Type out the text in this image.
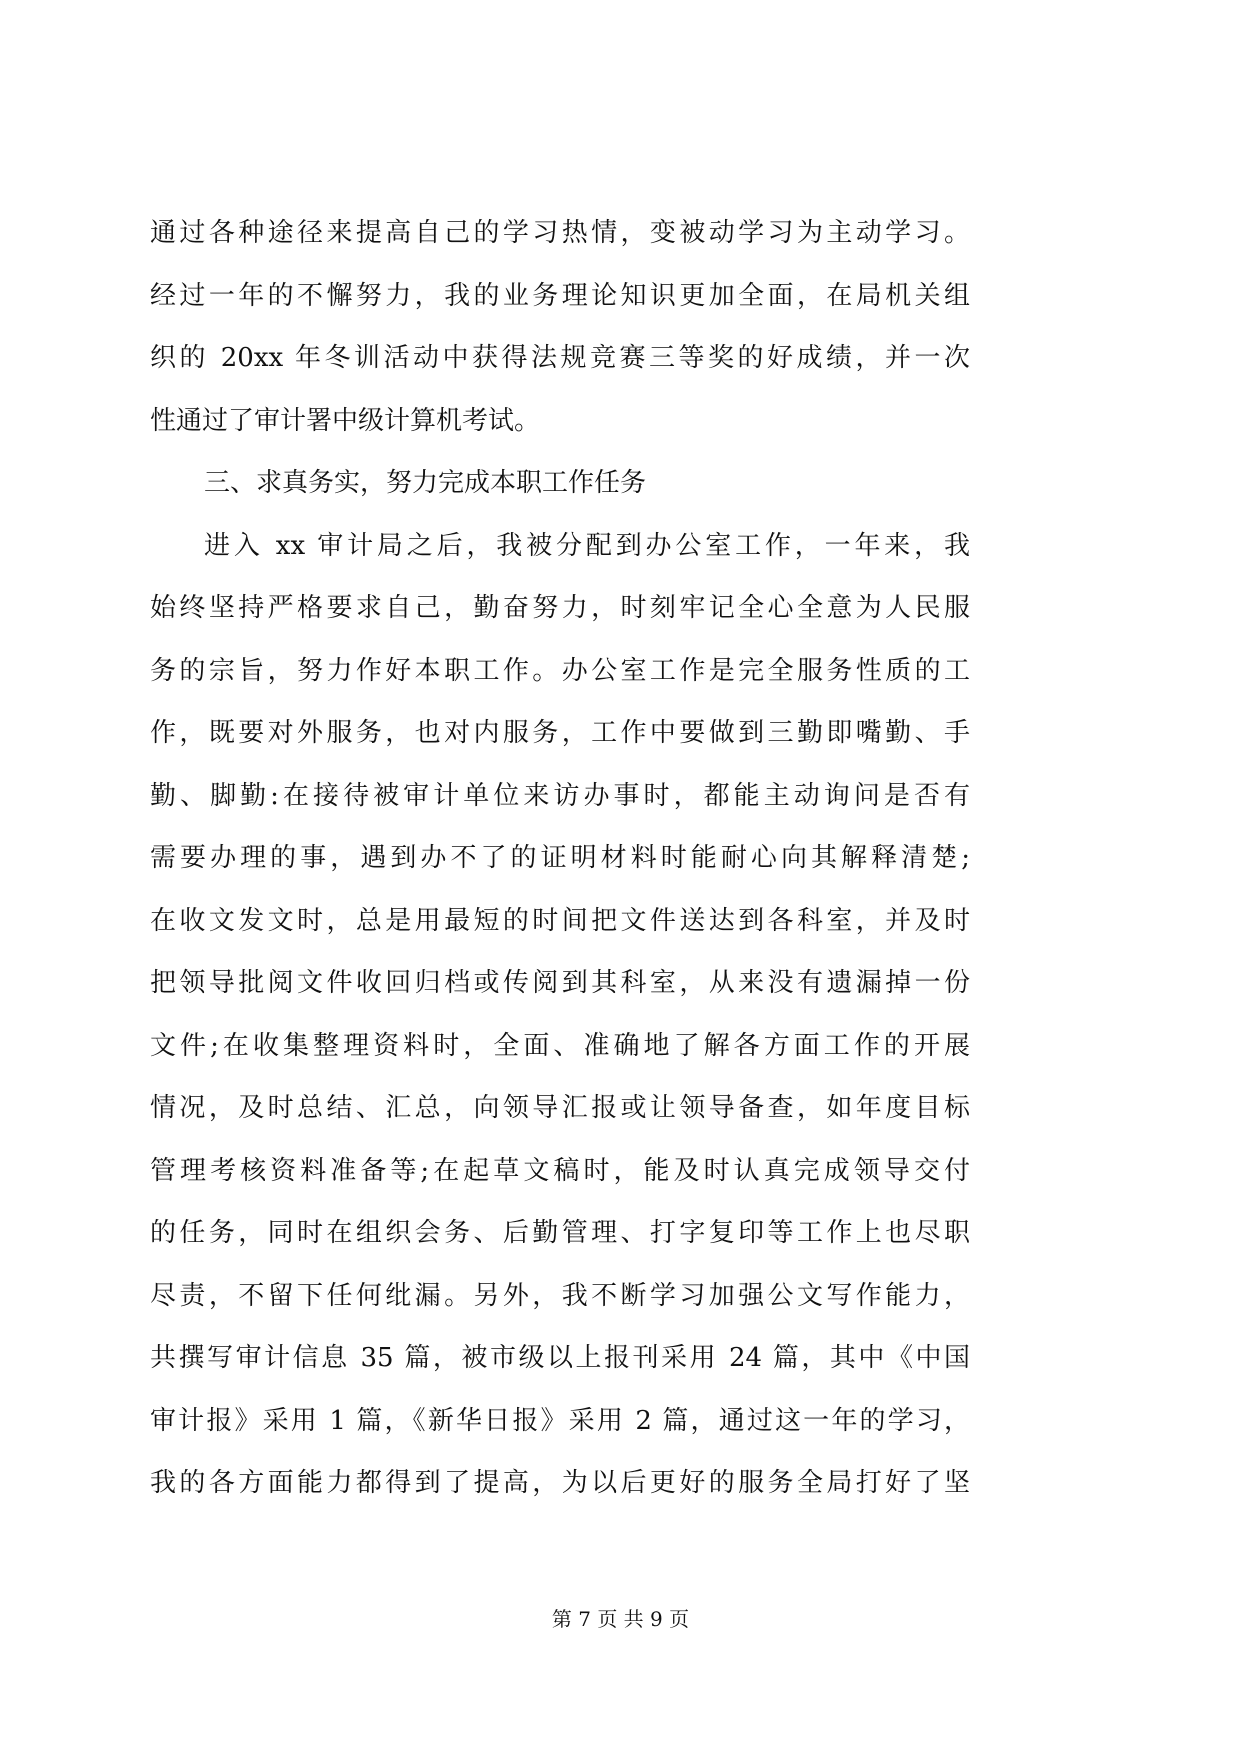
通过各种途径来提高自己的学习热情，变被动学习为主动学习。
经过一年的不懈努力，我的业务理论知识更加全面，在局机关组
织的 20xx 年冬训活动中获得法规竞赛三等奖的好成绩，并一次
性通过了审计署中级计算机考试。
三、求真务实，努力完成本职工作任务
进入 xx 审计局之后，我被分配到办公室工作，一年来，我
始终坚持严格要求自己，勤奋努力，时刻牢记全心全意为人民服
务的宗旨，努力作好本职工作。办公室工作是完全服务性质的工
作，既要对外服务，也对内服务，工作中要做到三勤即嘴勤、手
勤、脚勤:在接待被审计单位来访办事时，都能主动询问是否有
需要办理的事，遇到办不了的证明材料时能耐心向其解释清楚;
在收文发文时，总是用最短的时间把文件送达到各科室，并及时
把领导批阅文件收回归档或传阅到其科室，从来没有遗漏掉一份
文件;在收集整理资料时，全面、准确地了解各方面工作的开展
情况，及时总结、汇总，向领导汇报或让领导备查，如年度目标
管理考核资料准备等;在起草文稿时，能及时认真完成领导交付
的任务，同时在组织会务、后勤管理、打字复印等工作上也尽职
尽责，不留下任何纰漏。另外，我不断学习加强公文写作能力，
共撰写审计信息 35 篇，被市级以上报刊采用 24 篇，其中《中国
审计报》采用 1 篇，《新华日报》采用 2 篇，通过这一年的学习，
我的各方面能力都得到了提高，为以后更好的服务全局打好了坚
第 7 页 共 9 页
